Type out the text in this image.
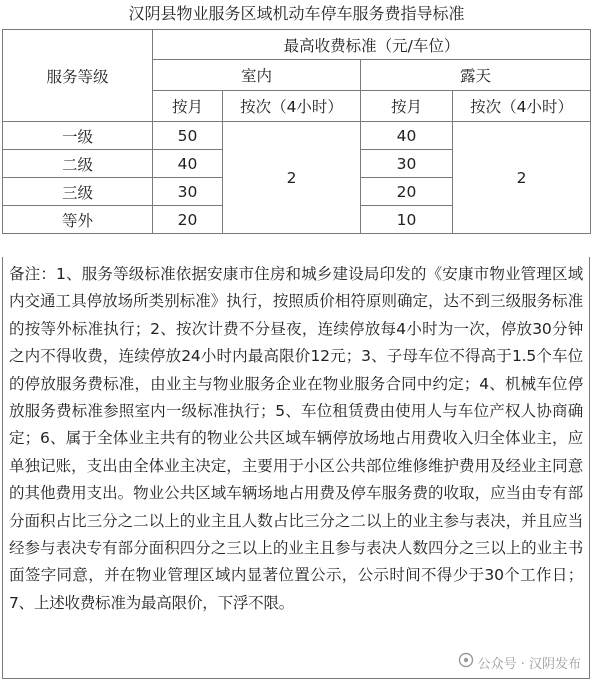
汉阴县物业服务区域机动车停车服务费指导标准
服务等级	最高收费标准（元/车位）			
	室内		露天	
	按月	按次（4小时）	按月	按次（4小时）
一级	50	2	40	2
二级	40		30	
三级	30		20	
等外	20		10	
备注：1、服务等级标准依据安康市住房和城乡建设局印发的《安康市物业管理区域内交通工具停放场所类别标准》执行，按照质价相符原则确定，达不到三级服务标准的按等外标准执行；2、按次计费不分昼夜，连续停放每4小时为一次，停放30分钟之内不得收费，连续停放24小时内最高限价12元；3、子母车位不得高于1.5个车位的停放服务费标准，由业主与物业服务企业在物业服务合同中约定；4、机械车位停放服务费标准参照室内一级标准执行；5、车位租赁费由使用人与车位产权人协商确定；6、属于全体业主共有的物业公共区域车辆停放场地占用费收入归全体业主，应单独记账，支出由全体业主决定，主要用于小区公共部位维修维护费用及经业主同意的其他费用支出。物业公共区域车辆场地占用费及停车服务费的收取，应当由专有部分面积占比三分之二以上的业主且人数占比三分之二以上的业主参与表决，并且应当经参与表决专有部分面积四分之三以上的业主且参与表决人数四分之三以上的业主书面签字同意，并在物业管理区域内显著位置公示，公示时间不得少于30个工作日；7、上述收费标准为最高限价，下浮不限。
公众号 · 汉阴发布
